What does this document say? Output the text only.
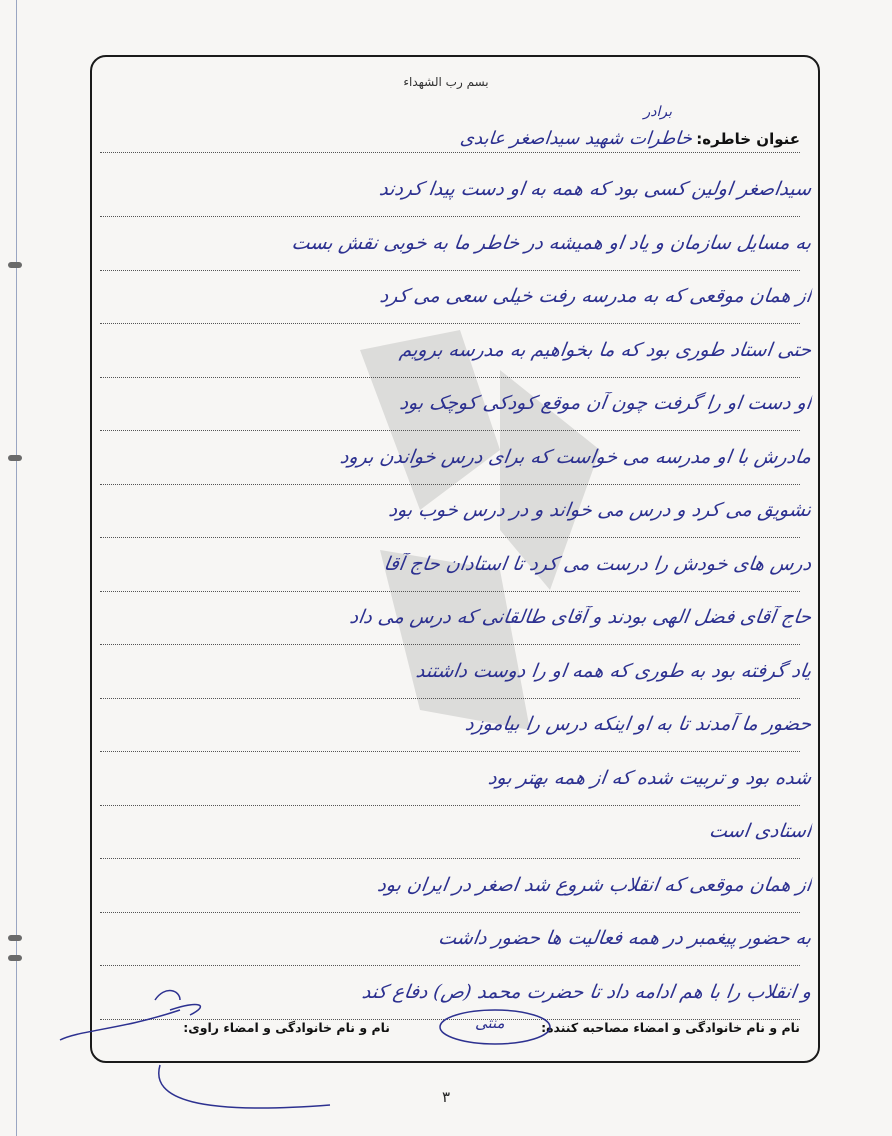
بسم رب الشهداء
عنوان خاطره:
برادر
خاطرات شهید سیداصغر عابدی
سیداصغر اولین کسی بود که همه به او دست پیدا کردند
به مسایل سازمان و یاد او همیشه در خاطر ما به خوبی نقش بست
از همان موقعی که به مدرسه رفت خیلی سعی می کرد
حتی استاد طوری بود که ما بخواهیم به مدرسه برویم
او دست او را گرفت چون آن موقع کودکی کوچک بود
مادرش با او مدرسه می خواست که برای درس خواندن برود
تشویق می کرد و درس می خواند و در درس خوب بود
درس های خودش را درست می کرد تا استادان حاج آقا
حاج آقای فضل الهی بودند و آقای طالقانی که درس می داد
یاد گرفته بود به طوری که همه او را دوست داشتند
حضور ما آمدند تا به او اینکه درس را بیاموزد
شده بود و تربیت شده که از همه بهتر بود
استادی است
از همان موقعی که انقلاب شروع شد اصغر در ایران بود
به حضور پیغمبر در همه فعالیت ها حضور داشت
و انقلاب را با هم ادامه داد تا حضرت محمد (ص) دفاع کند
نام و نام خانوادگی و امضاء مصاحبه کننده:
نام و نام خانوادگی و امضاء راوی:	منتی
۳
